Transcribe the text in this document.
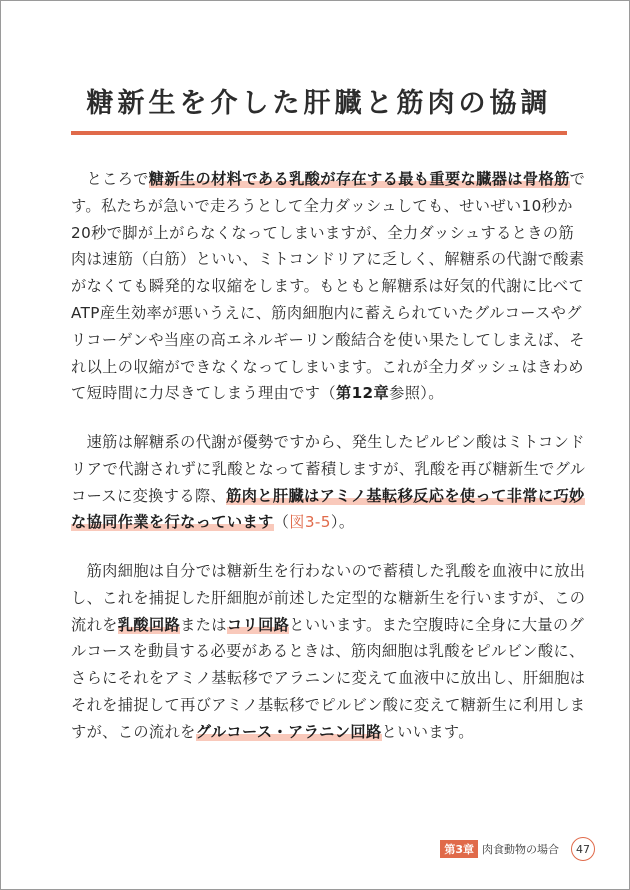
糖新生を介した肝臓と筋肉の協調
　ところで糖新生の材料である乳酸が存在する最も重要な臓器は骨格筋で
す。私たちが急いで走ろうとして全力ダッシュしても、せいぜい10秒か
20秒で脚が上がらなくなってしまいますが、全力ダッシュするときの筋
肉は速筋（白筋）といい、ミトコンドリアに乏しく、解糖系の代謝で酸素
がなくても瞬発的な収縮をします。もともと解糖系は好気的代謝に比べて
ATP産生効率が悪いうえに、筋肉細胞内に蓄えられていたグルコースやグ
リコーゲンや当座の高エネルギーリン酸結合を使い果たしてしまえば、そ
れ以上の収縮ができなくなってしまいます。これが全力ダッシュはきわめ
て短時間に力尽きてしまう理由です（第12章参照）。
　速筋は解糖系の代謝が優勢ですから、発生したピルビン酸はミトコンド
リアで代謝されずに乳酸となって蓄積しますが、乳酸を再び糖新生でグル
コースに変換する際、筋肉と肝臓はアミノ基転移反応を使って非常に巧妙
な協同作業を行なっています（図3-5）。
　筋肉細胞は自分では糖新生を行わないので蓄積した乳酸を血液中に放出
し、これを捕捉した肝細胞が前述した定型的な糖新生を行いますが、この
流れを乳酸回路またはコリ回路といいます。また空腹時に全身に大量のグ
ルコースを動員する必要があるときは、筋肉細胞は乳酸をピルビン酸に、
さらにそれをアミノ基転移でアラニンに変えて血液中に放出し、肝細胞は
それを捕捉して再びアミノ基転移でピルビン酸に変えて糖新生に利用しま
すが、この流れをグルコース・アラニン回路といいます。
第3章 肉食動物の場合	47
